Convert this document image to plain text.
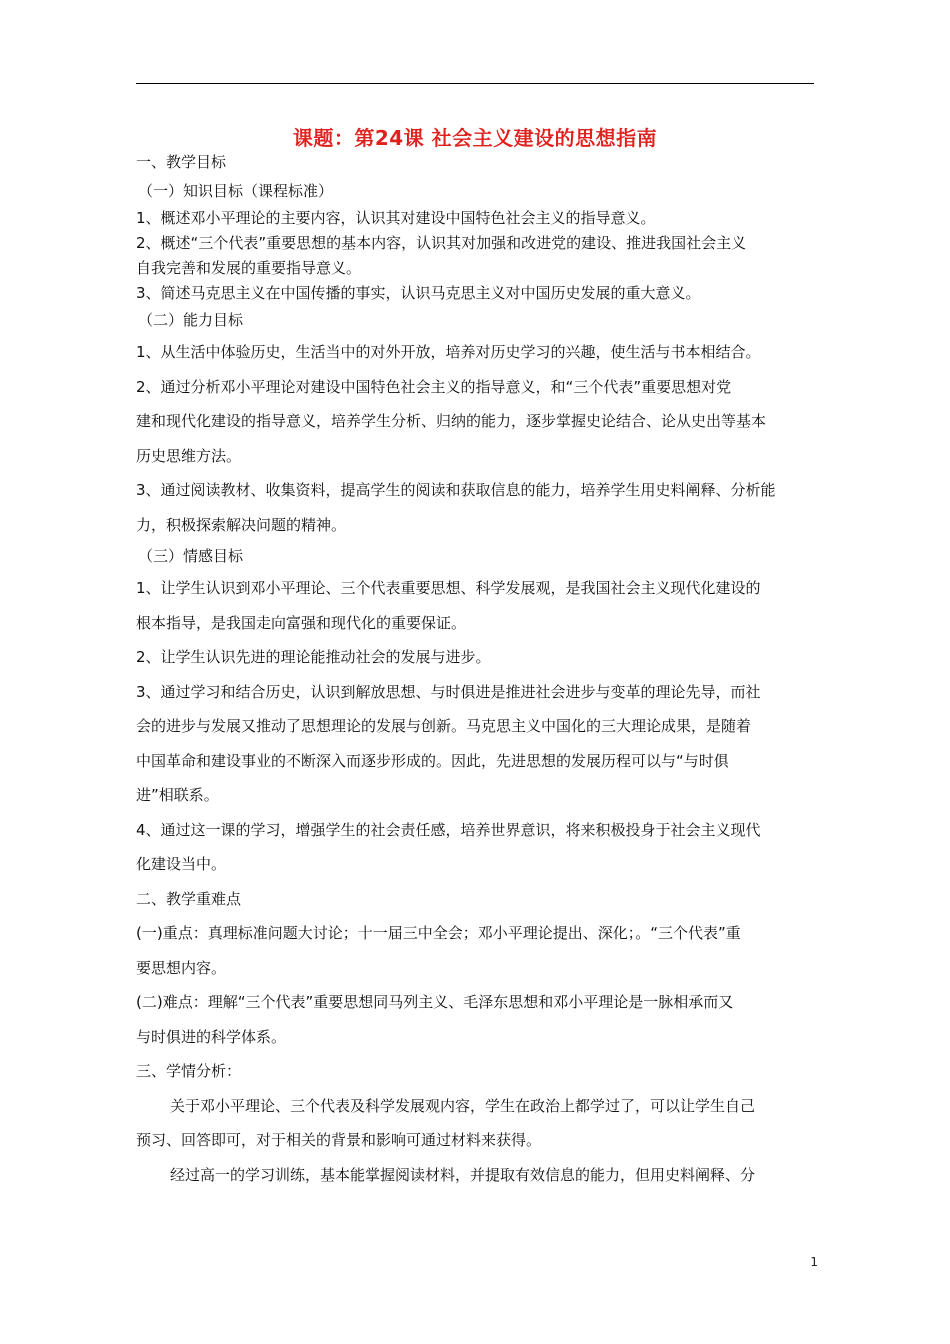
课题：第24课 社会主义建设的思想指南
一、教学目标
（一）知识目标（课程标准）
1、概述邓小平理论的主要内容，认识其对建设中国特色社会主义的指导意义。
2、概述“三个代表”重要思想的基本内容，认识其对加强和改进党的建设、推进我国社会主义
自我完善和发展的重要指导意义。
3、简述马克思主义在中国传播的事实，认识马克思主义对中国历史发展的重大意义。
（二）能力目标
1、从生活中体验历史，生活当中的对外开放，培养对历史学习的兴趣，使生活与书本相结合。
2、通过分析邓小平理论对建设中国特色社会主义的指导意义，和“三个代表”重要思想对党
建和现代化建设的指导意义，培养学生分析、归纳的能力，逐步掌握史论结合、论从史出等基本
历史思维方法。
3、通过阅读教材、收集资料，提高学生的阅读和获取信息的能力，培养学生用史料阐释、分析能
力，积极探索解决问题的精神。
（三）情感目标
1、让学生认识到邓小平理论、三个代表重要思想、科学发展观，是我国社会主义现代化建设的
根本指导，是我国走向富强和现代化的重要保证。
2、让学生认识先进的理论能推动社会的发展与进步。
3、通过学习和结合历史，认识到解放思想、与时俱进是推进社会进步与变革的理论先导，而社
会的进步与发展又推动了思想理论的发展与创新。马克思主义中国化的三大理论成果，是随着
中国革命和建设事业的不断深入而逐步形成的。因此，先进思想的发展历程可以与“与时俱
进”相联系。
4、通过这一课的学习，增强学生的社会责任感，培养世界意识，将来积极投身于社会主义现代
化建设当中。
二、教学重难点
(一)重点：真理标准问题大讨论；十一届三中全会；邓小平理论提出、深化；。“三个代表”重
要思想内容。
(二)难点：理解“三个代表”重要思想同马列主义、毛泽东思想和邓小平理论是一脉相承而又
与时俱进的科学体系。
三、学情分析：
关于邓小平理论、三个代表及科学发展观内容，学生在政治上都学过了，可以让学生自己
预习、回答即可，对于相关的背景和影响可通过材料来获得。
经过高一的学习训练，基本能掌握阅读材料，并提取有效信息的能力，但用史料阐释、分
1
